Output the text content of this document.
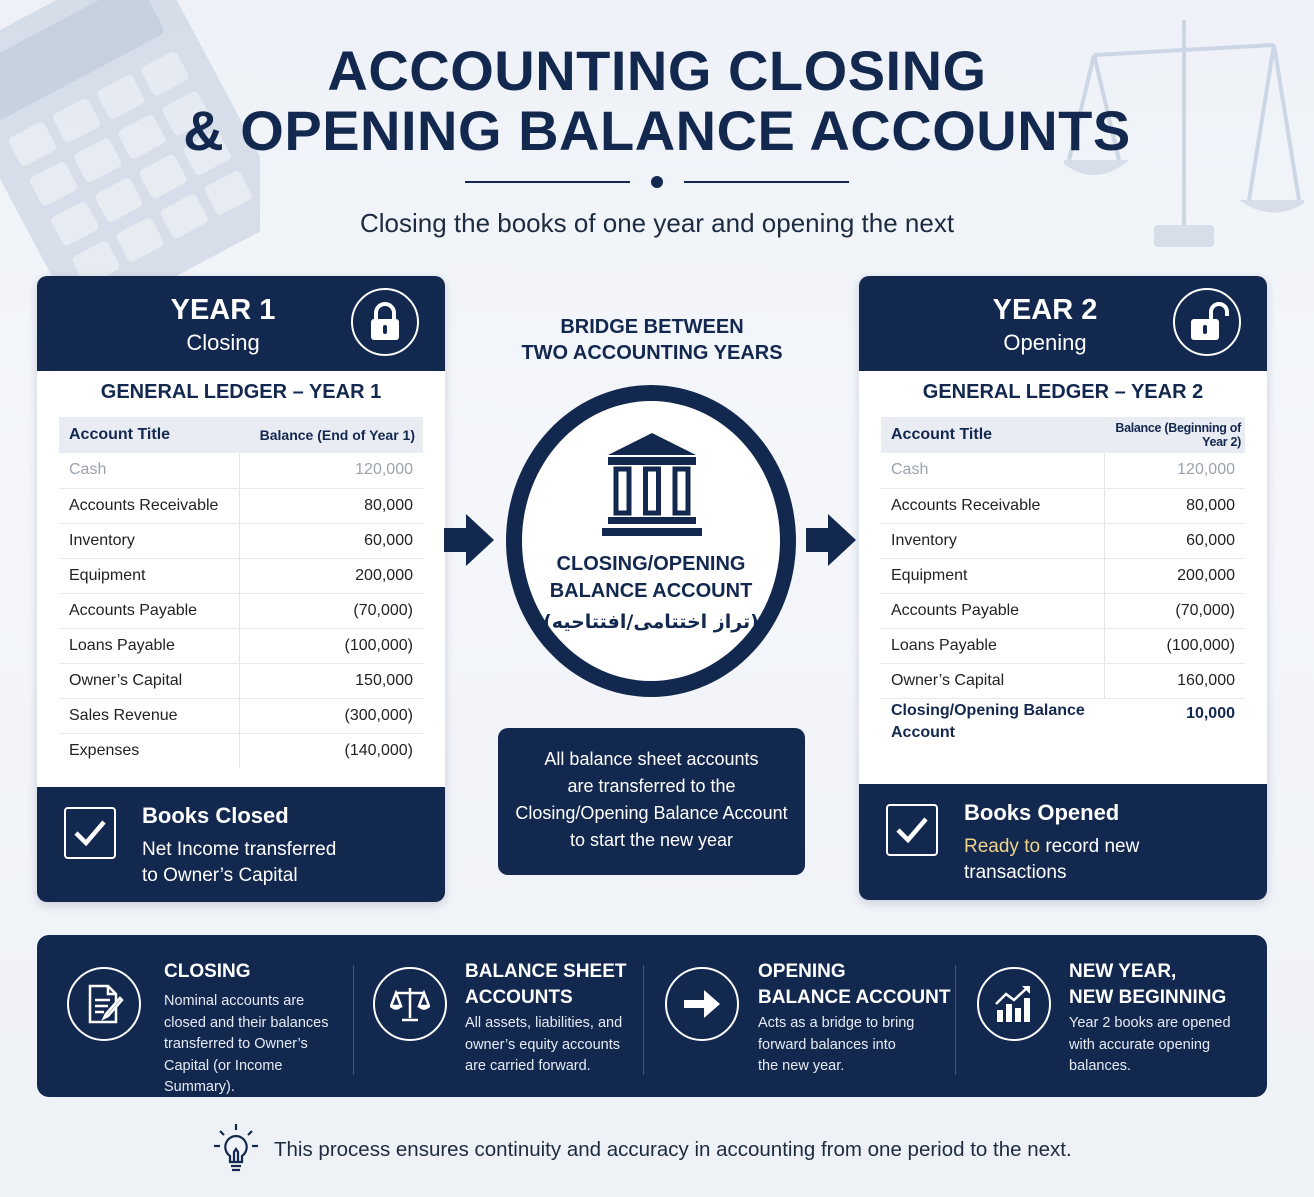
ACCOUNTING CLOSING
& OPENING BALANCE ACCOUNTS
Closing the books of one year and opening the next
YEAR 1
Closing
GENERAL LEDGER – YEAR 1
Account Title	Balance (End of Year 1)
Cash	120,000
Accounts Receivable	80,000
Inventory	60,000
Equipment	200,000
Accounts Payable	(70,000)
Loans Payable	(100,000)
Owner’s Capital	150,000
Sales Revenue	(300,000)
Expenses	(140,000)
Books Closed
Net Income transferred
to Owner’s Capital
YEAR 2
Opening
GENERAL LEDGER – YEAR 2
Account Title	Balance (Beginning of Year 2)
Cash	120,000
Accounts Receivable	80,000
Inventory	60,000
Equipment	200,000
Accounts Payable	(70,000)
Loans Payable	(100,000)
Owner’s Capital	160,000
Closing/Opening Balance Account	10,000
Books Opened
Ready to record new
transactions
BRIDGE BETWEEN
TWO ACCOUNTING YEARS
CLOSING/OPENING
BALANCE ACCOUNT
(تراز اختتامی/افتتاحیه)
All balance sheet accounts
are transferred to the
Closing/Opening Balance Account
to start the new year
CLOSING
Nominal accounts are
closed and their balances
transferred to Owner’s
Capital (or Income Summary).
BALANCE SHEET
ACCOUNTS
All assets, liabilities, and
owner’s equity accounts
are carried forward.
OPENING
BALANCE ACCOUNT
Acts as a bridge to bring
forward balances into
the new year.
NEW YEAR,
NEW BEGINNING
Year 2 books are opened
with accurate opening
balances.
This process ensures continuity and accuracy in accounting from one period to the next.
